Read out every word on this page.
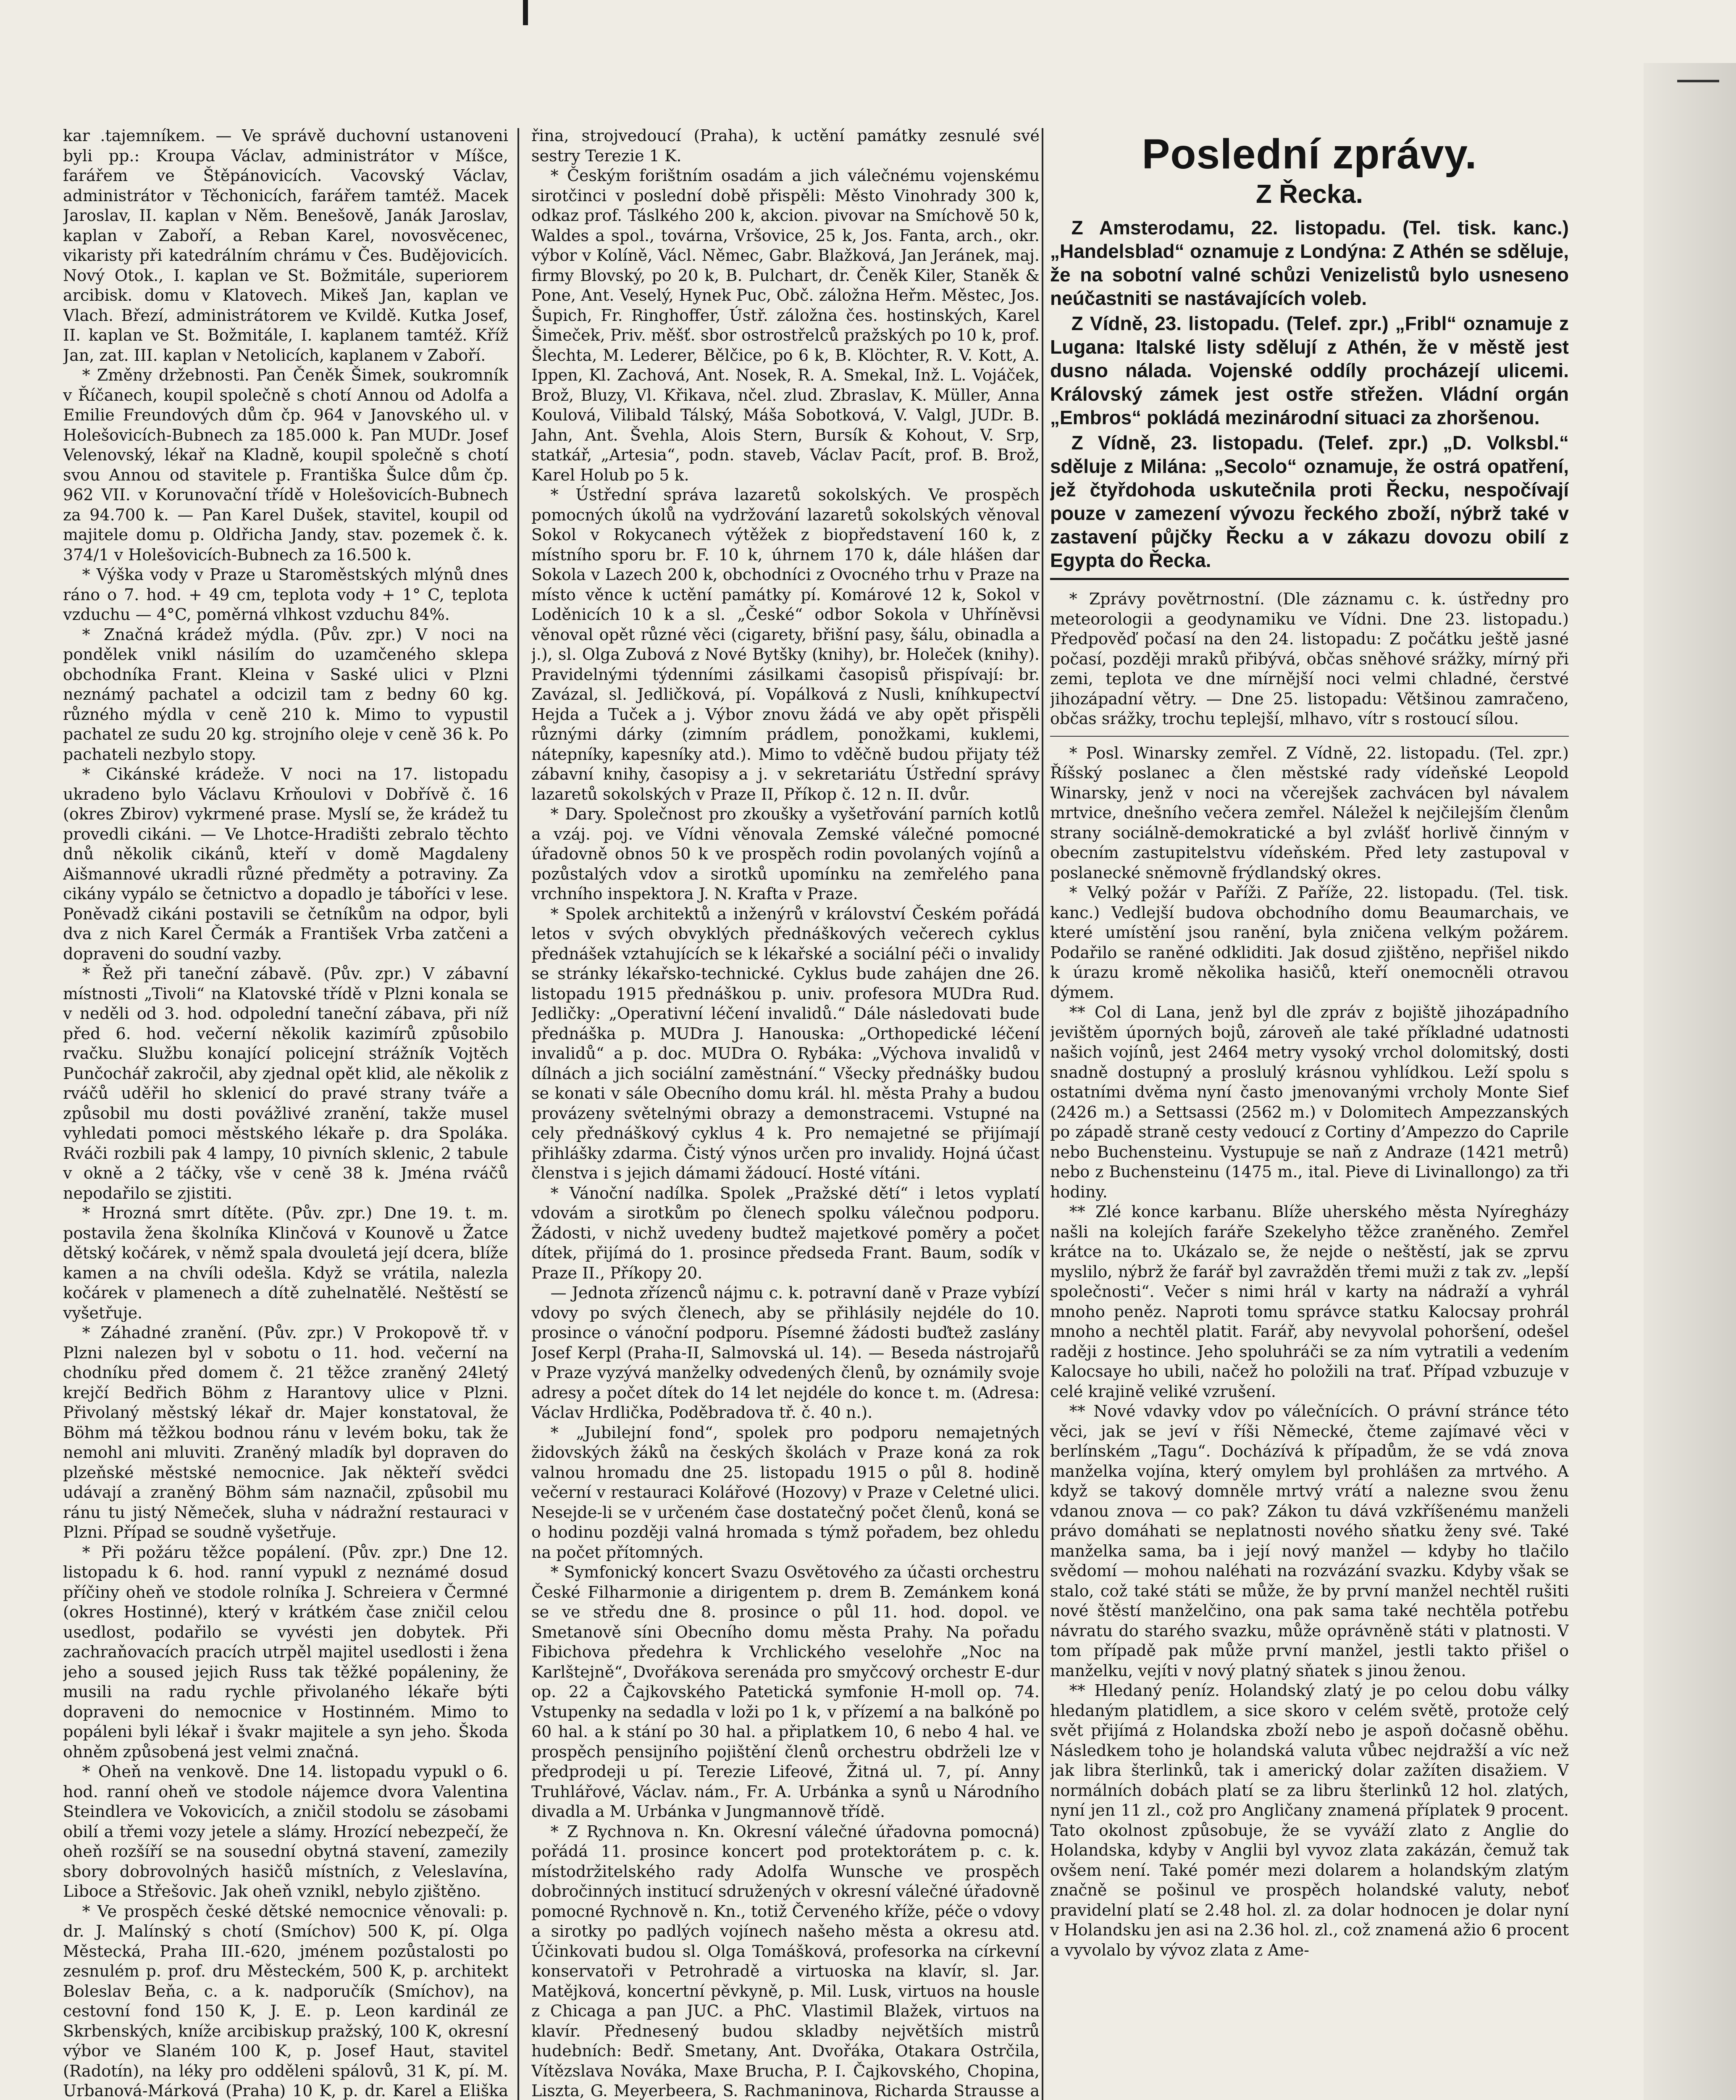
kar .tajemníkem. — Ve správě duchovní ustanoveni byli pp.: Kroupa Václav, administrátor v Míšce, farářem ve Štěpánovicích. Vacovský Václav, administrátor v Těchonicích, farářem tamtéž. Macek Jaroslav, II. kaplan v Něm. Benešově, Janák Jaroslav, kaplan v Zaboří, a Reban Karel, novosvěcenec, vikaristy při katedrálním chrámu v Čes. Budějovicích. Nový Otok., I. kaplan ve St. Božmitále, superiorem arcibisk. domu v Klatovech. Mikeš Jan, kaplan ve Vlach. Březí, administrátorem ve Kvildě. Kutka Josef, II. kaplan ve St. Božmitále, I. kaplanem tamtéž. Kříž Jan, zat. III. kaplan v Netolicích, kaplanem v Zaboří.

* Změny držebnosti. Pan Čeněk Šimek, soukromník v Říčanech, koupil společně s chotí Annou od Adolfa a Emilie Freundových dům čp. 964 v Janovského ul. v Holešovicích-Bubnech za 185.000 k. Pan MUDr. Josef Velenovský, lékař na Kladně, koupil společně s chotí svou Annou od stavitele p. Františka Šulce dům čp. 962 VII. v Korunovační třídě v Holešovicích-Bubnech za 94.700 k. — Pan Karel Dušek, stavitel, koupil od majitele domu p. Oldřicha Jandy, stav. pozemek č. k. 374/1 v Holešovicích-Bubnech za 16.500 k.

* Výška vody v Praze u Staroměstských mlýnů dnes ráno o 7. hod. + 49 cm, teplota vody + 1° C, teplota vzduchu — 4°C, poměrná vlhkost vzduchu 84%.

* Značná krádež mýdla. (Pův. zpr.) V noci na pondělek vnikl násilím do uzamčeného sklepa obchodníka Frant. Kleina v Saské ulici v Plzni neznámý pachatel a odcizil tam z bedny 60 kg. různého mýdla v ceně 210 k. Mimo to vypustil pachatel ze sudu 20 kg. strojního oleje v ceně 36 k. Po pachateli nezbylo stopy.

* Cikánské krádeže. V noci na 17. listopadu ukradeno bylo Václavu Krňoulovi v Dobřívě č. 16 (okres Zbirov) vykrmené prase. Myslí se, že krádež tu provedli cikáni. — Ve Lhotce-Hradišti zebralo těchto dnů několik cikánů, kteří v domě Magdaleny Aišmannové ukradli různé předměty a potraviny. Za cikány vypálo se četnictvo a dopadlo je táboříci v lese. Poněvadž cikáni postavili se četníkům na odpor, byli dva z nich Karel Čermák a František Vrba zatčeni a dopraveni do soudní vazby.

* Řež při taneční zábavě. (Pův. zpr.) V zábavní místnosti „Tivoli“ na Klatovské třídě v Plzni konala se v neděli od 3. hod. odpolední taneční zábava, při níž před 6. hod. večerní několik kazimírů způsobilo rvačku. Službu konající policejní strážník Vojtěch Punčochář zakročil, aby zjednal opět klid, ale několik z rváčů uděřil ho sklenicí do pravé strany tváře a způsobil mu dosti povážlivé zranění, takže musel vyhledati pomoci městského lékaře p. dra Spoláka. Rváči rozbili pak 4 lampy, 10 pivních sklenic, 2 tabule v okně a 2 táčky, vše v ceně 38 k. Jména rváčů nepodařilo se zjistiti.

* Hrozná smrt dítěte. (Pův. zpr.) Dne 19. t. m. postavila žena školníka Klinčová v Kounově u Žatce dětský kočárek, v němž spala dvouletá její dcera, blíže kamen a na chvíli odešla. Když se vrátila, nalezla kočárek v plamenech a dítě zuhelnatělé. Neštěstí se vyšetřuje.

* Záhadné zranění. (Pův. zpr.) V Prokopově tř. v Plzni nalezen byl v sobotu o 11. hod. večerní na chodníku před domem č. 21 těžce zraněný 24letý krejčí Bedřich Böhm z Harantovy ulice v Plzni. Přivolaný městský lékař dr. Majer konstatoval, že Böhm má těžkou bodnou ránu v levém boku, tak že nemohl ani mluviti. Zraněný mladík byl dopraven do plzeňské městské nemocnice. Jak někteří svědci udávají a zraněný Böhm sám naznačil, způsobil mu ránu tu jistý Němeček, sluha v nádražní restauraci v Plzni. Případ se soudně vyšetřuje.

* Při požáru těžce popálení. (Pův. zpr.) Dne 12. listopadu k 6. hod. ranní vypukl z neznámé dosud příčiny oheň ve stodole rolníka J. Schreiera v Čermné (okres Hostinné), který v krátkém čase zničil celou usedlost, podařilo se vyvésti jen dobytek. Při zachraňovacích pracích utrpěl majitel usedlosti i žena jeho a soused jejich Russ tak těžké popáleniny, že musili na radu rychle přivolaného lékaře býti dopraveni do nemocnice v Hostinném. Mimo to popáleni byli lékař i švakr majitele a syn jeho. Škoda ohněm způsobená jest velmi značná.

* Oheň na venkově. Dne 14. listopadu vypukl o 6. hod. ranní oheň ve stodole nájemce dvora Valentina Steindlera ve Vokovicích, a zničil stodolu se zásobami obilí a třemi vozy jetele a slámy. Hrozící nebezpečí, že oheň rozšíří se na sousední obytná stavení, zamezily sbory dobrovolných hasičů místních, z Veleslavína, Liboce a Střešovic. Jak oheň vznikl, nebylo zjištěno.

* Ve prospěch české dětské nemocnice věnovali: p. dr. J. Malínský s chotí (Smíchov) 500 K, pí. Olga Městecká, Praha III.-620, jménem pozůstalosti po zesnulém p. prof. dru Městeckém, 500 K, p. architekt Boleslav Beňa, c. a k. nadporučík (Smíchov), na cestovní fond 150 K, J. E. p. Leon kardinál ze Skrbenských, kníže arcibiskup pražský, 100 K, okresní výbor ve Slaném 100 K, p. Josef Haut, stavitel (Radotín), na léky pro odděleni spálovů, 31 K, pí. M. Urbanová-Márková (Praha) 10 K, p. dr. Karel a Eliška

řina, strojvedoucí (Praha), k uctění památky zesnulé své sestry Terezie 1 K.

* Českým forištním osadám a jich válečnému vojenskému sirotčinci v poslední době přispěli: Město Vinohrady 300 k, odkaz prof. Táslkého 200 k, akcion. pivovar na Smíchově 50 k, Waldes a spol., továrna, Vršovice, 25 k, Jos. Fanta, arch., okr. výbor v Kolíně, Václ. Němec, Gabr. Blažková, Jan Jeránek, maj. firmy Blovský, po 20 k, B. Pulchart, dr. Čeněk Kiler, Staněk & Pone, Ant. Veselý, Hynek Puc, Obč. záložna Heřm. Městec, Jos. Šupich, Fr. Ringhoffer, Ústř. záložna čes. hostinských, Karel Šimeček, Priv. měšť. sbor ostrostřelců pražských po 10 k, prof. Šlechta, M. Lederer, Bělčice, po 6 k, B. Klöchter, R. V. Kott, A. Ippen, Kl. Zachová, Ant. Nosek, R. A. Smekal, Inž. L. Vojáček, Brož, Bluzy, Vl. Křikava, nčel. zlud. Zbraslav, K. Müller, Anna Koulová, Vilibald Tálský, Máša Sobotková, V. Valgl, JUDr. B. Jahn, Ant. Švehla, Alois Stern, Bursík & Kohout, V. Srp, statkář, „Artesia“, podn. staveb, Václav Pacít, prof. B. Brož, Karel Holub po 5 k.

* Ústřední správa lazaretů sokolských. Ve prospěch pomocných úkolů na vydržování lazaretů sokolských věnoval Sokol v Rokycanech výtěžek z biopředstavení 160 k, z místního sporu br. F. 10 k, úhrnem 170 k, dále hlášen dar Sokola v Lazech 200 k, obchodníci z Ovocného trhu v Praze na místo věnce k uctění památky pí. Komárové 12 k, Sokol v Loděnicích 10 k a sl. „České“ odbor Sokola v Uhříněvsi věnoval opět různé věci (cigarety, břišní pasy, šálu, obinadla a j.), sl. Olga Zubová z Nové Bytšky (knihy), br. Holeček (knihy). Pravidelnými týdenními zásilkami časopisů přispívají: br. Zavázal, sl. Jedličková, pí. Vopálková z Nusli, kníhkupectví Hejda a Tuček a j. Výbor znovu žádá ve aby opět přispěli různými dárky (zimním prádlem, ponožkami, kuklemi, nátepníky, kapesníky atd.). Mimo to vděčně budou přijaty též zábavní knihy, časopisy a j. v sekretariátu Ústřední správy lazaretů sokolských v Praze II, Příkop č. 12 n. II. dvůr.

* Dary. Společnost pro zkoušky a vyšetřování parních kotlů a vzáj. poj. ve Vídni věnovala Zemské válečné pomocné úřadovně obnos 50 k ve prospěch rodin povolaných vojínů a pozůstalých vdov a sirotků upomínku na zemřelého pana vrchního inspektora J. N. Krafta v Praze.

* Spolek architektů a inženýrů v království Českém pořádá letos v svých obvyklých přednáškových večerech cyklus přednášek vztahujících se k lékařské a sociální péči o invalidy se stránky lékařsko-technické. Cyklus bude zahájen dne 26. listopadu 1915 přednáškou p. univ. profesora MUDra Rud. Jedličky: „Operativní léčení invalidů.“ Dále následovati bude přednáška p. MUDra J. Hanouska: „Orthopedické léčení invalidů“ a p. doc. MUDra O. Rybáka: „Výchova invalidů v dílnách a jich sociální zaměstnání.“ Všecky přednášky budou se konati v sále Obecního domu král. hl. města Prahy a budou provázeny světelnými obrazy a demonstracemi. Vstupné na cely přednáškový cyklus 4 k. Pro nemajetné se přijímají přihlášky zdarma. Čistý výnos určen pro invalidy. Hojná účast členstva i s jejich dámami žádoucí. Hosté vítáni.

* Vánoční nadílka. Spolek „Pražské dětí“ i letos vyplatí vdovám a sirotkům po členech spolku válečnou podporu. Žádosti, v nichž uvedeny budtež majetkové poměry a počet dítek, přijímá do 1. prosince předseda Frant. Baum, sodík v Praze II., Příkopy 20.

— Jednota zřízenců nájmu c. k. potravní daně v Praze vybízí vdovy po svých členech, aby se přihlásily nejdéle do 10. prosince o vánoční podporu. Písemné žádosti buďtež zaslány Josef Kerpl (Praha-II, Salmovská ul. 14). — Besedа nástrojařů v Praze vyzývá manželky odvedených členů, by oznámily svoje adresy a počet dítek do 14 let nejdéle do konce t. m. (Adresa: Václav Hrdlička, Poděbradova tř. č. 40 n.).

* „Jubilejní fond“, spolek pro podporu nemajetných židovských žáků na českých školách v Praze koná za rok valnou hromadu dne 25. listopadu 1915 o půl 8. hodině večerní v restauraci Kolářové (Hozovy) v Praze v Celetné ulici. Nesejde-li se v určeném čase dostatečný počet členů, koná se o hodinu později valná hromada s týmž pořadem, bez ohledu na počet přítomných.

* Symfonický koncert Svazu Osvětového za účasti orchestru České Filharmonie a dirigentem p. drem B. Zemánkem koná se ve středu dne 8. prosince o půl 11. hod. dopol. ve Smetanově síni Obecního domu města Prahy. Na pořadu Fibichova předehra k Vrchlického veselohře „Noc na Karlštejně“, Dvořákova serenáda pro smyčcový orchestr E-dur op. 22 a Čajkovského Patetická symfonie H-moll op. 74. Vstupenky na sedadla v loži po 1 k, v přízemí a na balkóně po 60 hal. a k stání po 30 hal. a připlatkem 10, 6 nebo 4 hal. ve prospěch pensijního pojištění členů orchestru obdrželi lze v předprodeji u pí. Terezie Lifeové, Žitná ul. 7, pí. Anny Truhlářové, Václav. nám., Fr. A. Urbánka a synů u Národního divadla a M. Urbánka v Jungmannově třídě.

* Z Rychnova n. Kn. Okresní válečné úřadovna pomocná) pořádá 11. prosince koncert pod protektorátem p. c. k. místodržitelského rady Adolfa Wunsche ve prospěch dobročinných institucí sdružených v okresní válečné úřadovně pomocné Rychnově n. Kn., totiž Červeného kříže, péče o vdovy a sirotky po padlých vojínech našeho města a okresu atd. Účinkovati budou sl. Olga Tomášková, profesorka na církevní konservatoři v Petrohradě a virtuoska na klavír, sl. Jar. Matějková, koncertní pěvkyně, p. Mil. Lusk, virtuos na housle z Chicaga a pan JUC. a PhC. Vlastimil Blažek, virtuos na klavír. Přednesený budou skladby největších mistrů hudebních: Bedř. Smetany, Ant. Dvořáka, Otakara Ostrčila, Vítězslava Nováka, Maxe Brucha, P. I. Čajkovského, Chopina, Liszta, G. Meyerbeera, S. Rachmaninova, Richarda Strausse a

Poslední zprávy.
Z Řecka.

Z Amsterodamu, 22. listopadu. (Tel. tisk. kanc.) „Handelsblad“ oznamuje z Londýna: Z Athén se sděluje, že na sobotní valné schůzi Venizelistů bylo usneseno neúčastniti se nastávajících voleb.

Z Vídně, 23. listopadu. (Telef. zpr.) „Fribl“ oznamuje z Lugana: Italské listy sdělují z Athén, že v městě jest dusno nálada. Vojenské oddíly procházejí ulicemi. Královský zámek jest ostře střežen. Vládní orgán „Embros“ pokládá mezinárodní situaci za zhoršenou.

Z Vídně, 23. listopadu. (Telef. zpr.) „D. Volksbl.“ sděluje z Milána: „Secolo“ oznamuje, že ostrá opatření, jež čtyřdohoda uskutečnila proti Řecku, nespočívají pouze v zamezení vývozu řeckého zboží, nýbrž také v zastavení půjčky Řecku a v zákazu dovozu obilí z Egypta do Řecka.

* Zprávy povětrnostní. (Dle záznamu c. k. ústředny pro meteorologii a geodynamiku ve Vídni. Dne 23. listopadu.) Předpověď počasí na den 24. listopadu: Z počátku ještě jasné počasí, později mraků přibývá, občas sněhové srážky, mírný při zemi, teplota ve dne mírnější noci velmi chladné, čerstvé jihozápadní větry. — Dne 25. listopadu: Většinou zamračeno, občas srážky, trochu teplejší, mlhavo, vítr s rostoucí sílou.

* Posl. Winarsky zemřel. Z Vídně, 22. listopadu. (Tel. zpr.) Říšský poslanec a člen městské rady vídeňské Leopold Winarsky, jenž v noci na včerejšek zachvácen byl návalem mrtvice, dnešního večera zemřel. Náležel k nejčilejším členům strany sociálně-demokratické a byl zvlášť horlivě činným v obecním zastupitelstvu vídeňském. Před lety zastupoval v poslanecké sněmovně frýdlandský okres.

* Velký požár v Paříži. Z Paříže, 22. listopadu. (Tel. tisk. kanc.) Vedlejší budova obchodního domu Beaumarchais, ve které umístění jsou ranění, byla zničena velkým požárem. Podařilo se raněné odkliditi. Jak dosud zjištěno, nepřišel nikdo k úrazu kromě několika hasičů, kteří onemocněli otravou dýmem.

** Col di Lana, jenž byl dle zpráv z bojiště jihozápadního jevištěm úporných bojů, zároveň ale také příkladné udatnosti našich vojínů, jest 2464 metry vysoký vrchol dolomitský, dosti snadně dostupný a proslulý krásnou vyhlídkou. Leží spolu s ostatními dvěma nyní často jmenovanými vrcholy Monte Sief (2426 m.) a Settsassi (2562 m.) v Dolomitech Ampezzanských po západě straně cesty vedoucí z Cortiny d’Ampezzo do Caprile nebo Buchensteinu. Vystupuje se naň z Andraze (1421 metrů) nebo z Buchensteinu (1475 m., ital. Pieve di Livinallongo) za tři hodiny.

** Zlé konce karbanu. Blíže uherského města Nyíregházy našli na kolejích faráře Szekelyho těžce zraněného. Zemřel krátce na to. Ukázalo se, že nejde o neštěstí, jak se zprvu myslilo, nýbrž že farář byl zavražděn třemi muži z tak zv. „lepší společnosti“. Večer s nimi hrál v karty na nádraží a vyhrál mnoho peněz. Naproti tomu správce statku Kalocsay prohrál mnoho a nechtěl platit. Farář, aby nevyvolal pohoršení, odešel raději z hostince. Jeho spoluhráči se za ním vytratili a vedením Kalocsaye ho ubili, načež ho položili na trať. Případ vzbuzuje v celé krajině veliké vzrušení.

** Nové vdavky vdov po válečnících. O právní stránce této věci, jak se jeví v říši Německé, čteme zajímavé věci v berlínském „Tagu“. Docházívá k případům, že se vdá znova manželka vojína, který omylem byl prohlášen za mrtvého. A když se takový domněle mrtvý vrátí a nalezne svou ženu vdanou znova — co pak? Zákon tu dává vzkříšenému manželi právo domáhati se neplatnosti nového sňatku ženy své. Také manželka sama, ba i její nový manžel — kdyby ho tlačilo svědomí — mohou naléhati na rozvázání svazku. Kdyby však se stalo, což také státi se může, že by první manžel nechtěl rušiti nové štěstí manželčino, ona pak sama také nechtěla potřebu návratu do starého svazku, může oprávněně státi v platnosti. V tom případě pak může první manžel, jestli takto přišel o manželku, vejíti v nový platný sňatek s jinou ženou.

** Hledaný peníz. Holandský zlatý je po celou dobu války hledaným platidlem, a sice skoro v celém světě, protože celý svět přijímá z Holandska zboží nebo je aspoň dočasně oběhu. Následkem toho je holandská valuta vůbec nejdražší a víc než jak libra šterlinků, tak i americký dolar zažíten disažiem. V normálních dobách platí se za libru šterlinků 12 hol. zlatých, nyní jen 11 zl., což pro Angličany znamená příplatek 9 procent. Tato okolnost způsobuje, že se vyváží zlato z Anglie do Holandska, kdyby v Anglii byl vyvoz zlata zakázán, čemuž tak ovšem není. Také pomér mezi dolarem a holandským zlatým značně se pošinul ve prospěch holandské valuty, neboť pravidelní platí se 2.48 hol. zl. za dolar hodnocen je dolar nyní v Holandsku jen asi na 2.36 hol. zl., což znamená ažio 6 procent a vyvolalo by vývoz zlata z Ame-
